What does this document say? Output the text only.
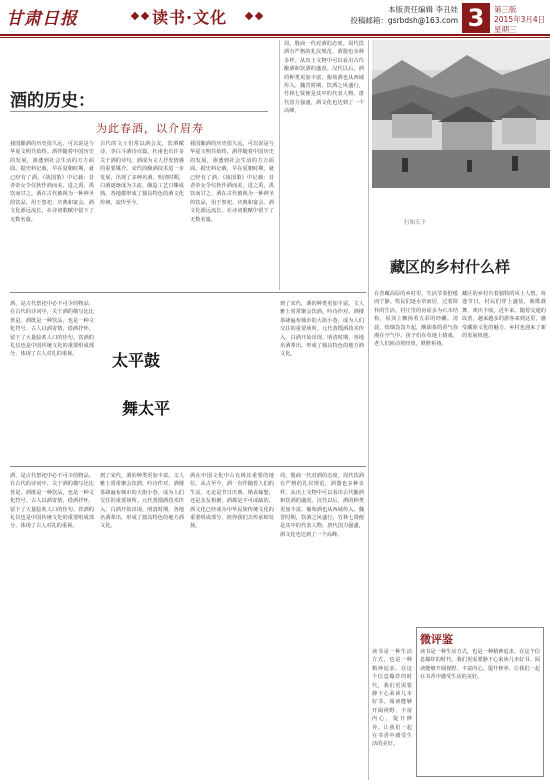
甘肃日报	读书·文化	本版责任编辑 李丑娃
投稿邮箱：gsrbdsh@163.com 3	第三版
2015年3月4日
星期三
酒的历史：
为此春酒，以介眉寿
我国酿酒的历史很久远，可以说是与华夏文明共始终。酒伴随着中国历史的发展，渗透到社会生活的方方面面。据史料记载，早在夏朝时期，就已经有了酒。《战国策》中记载：昔者帝女令仪狄作酒而美，进之禹，禹饮而甘之。酒在古代被视为一种神圣的饮品，用于祭祀、庆典和宴会。酒文化源远流长，在诗词歌赋中留下了无数名篇。
古代的文士们常以酒会友，饮酒赋诗。李白斗酒诗百篇，杜甫也有许多关于酒的诗句。酒成为文人抒发情感的重要媒介。宋代的酿酒技术进一步发展，出现了多种名酒。明清时期，白酒逐渐成为主流，酿造工艺日臻成熟。各地都形成了独具特色的酒文化传统，流传至今。
周，殷商一代对酒的态度。周代饮酒有严格的礼仪规范，酒器也多种多样。从出土文物中可以看出古代酿酒和饮酒的盛况。汉代以后，酒的种类更加丰富，葡萄酒也从西域传入。魏晋时期，饮酒之风盛行，竹林七贤便是其中的代表人物。唐代国力强盛，酒文化也达到了一个高峰。
我国酿酒的历史很久远，可以说是与华夏文明共始终。酒伴随着中国历史的发展，渗透到社会生活的方方面面。据史料记载，早在夏朝时期，就已经有了酒。《战国策》中记载：昔者帝女令仪狄作酒而美，进之禹，禹饮而甘之。酒在古代被视为一种神圣的饮品，用于祭祀、庆典和宴会。酒文化源远流长，在诗词歌赋中留下了无数名篇。
太平鼓
舞太平
酒，是古代祭祀中必不可少的物品。在古代的诗词中，关于酒的描写比比皆是。酒既是一种饮品，也是一种文化符号。古人以酒寄情，借酒抒怀，留下了大量脍炙人口的佳句。饮酒的礼仪也是中国传统文化的重要组成部分，体现了古人对礼的重视。
到了宋代，酒的种类更加丰富。文人雅士常常聚会饮酒，吟诗作对。酒楼茶肆遍布城市的大街小巷，成为人们交往的重要场所。元代蒸馏酒技术传入，白酒开始出现。明清时期，各地名酒辈出，形成了独具特色的地方酒文化。
酒，是古代祭祀中必不可少的物品。在古代的诗词中，关于酒的描写比比皆是。酒既是一种饮品，也是一种文化符号。古人以酒寄情，借酒抒怀，留下了大量脍炙人口的佳句。饮酒的礼仪也是中国传统文化的重要组成部分，体现了古人对礼的重视。
到了宋代，酒的种类更加丰富。文人雅士常常聚会饮酒，吟诗作对。酒楼茶肆遍布城市的大街小巷，成为人们交往的重要场所。元代蒸馏酒技术传入，白酒开始出现。明清时期，各地名酒辈出，形成了独具特色的地方酒文化。
酒在中国文化中占有极其重要的地位。从古至今，酒一直伴随着人们的生活。无论是节日庆典、婚丧嫁娶，还是亲友相聚，酒都是不可或缺的。酒文化已经成为中华民族传统文化的重要组成部分，值得我们去传承和发扬。
周，殷商一代对酒的态度。周代饮酒有严格的礼仪规范，酒器也多种多样。从出土文物中可以看出古代酿酒和饮酒的盛况。汉代以后，酒的种类更加丰富，葡萄酒也从西域传入。魏晋时期，饮酒之风盛行，竹林七贤便是其中的代表人物。唐代国力强盛，酒文化也达到了一个高峰。
行知天下
藏区的乡村什么样
在青藏高原的乡村里，生活节奏舒缓而宁静。牧民们逐水草而居，过着简朴的生活。村庄里的房屋多为石木结构，屋顶上飘扬着五彩的经幡。清晨，炊烟袅袅升起，酥油茶的香气弥漫在空气中。孩子们在草地上嬉戏，老人们转动着经筒，默默祈祷。
藏区的乡村有着独特的风土人情。每逢节日，村民们穿上盛装，载歌载舞，欢庆丰收。近年来，随着交通的改善，越来越多的游客来到这里，感受藏族文化的魅力，乡村也迎来了新的发展机遇。
微评鉴
读书是一种生活方式，也是一种精神追求。在这个信息爆炸的时代，我们更需要静下心来读几本好书。阅读能够开阔视野，丰富内心，提升修养。让我们一起在书香中感受生活的美好。
读书是一种生活方式，也是一种精神追求。在这个信息爆炸的时代，我们更需要静下心来读几本好书。阅读能够开阔视野，丰富内心，提升修养。让我们一起在书香中感受生活的美好。
